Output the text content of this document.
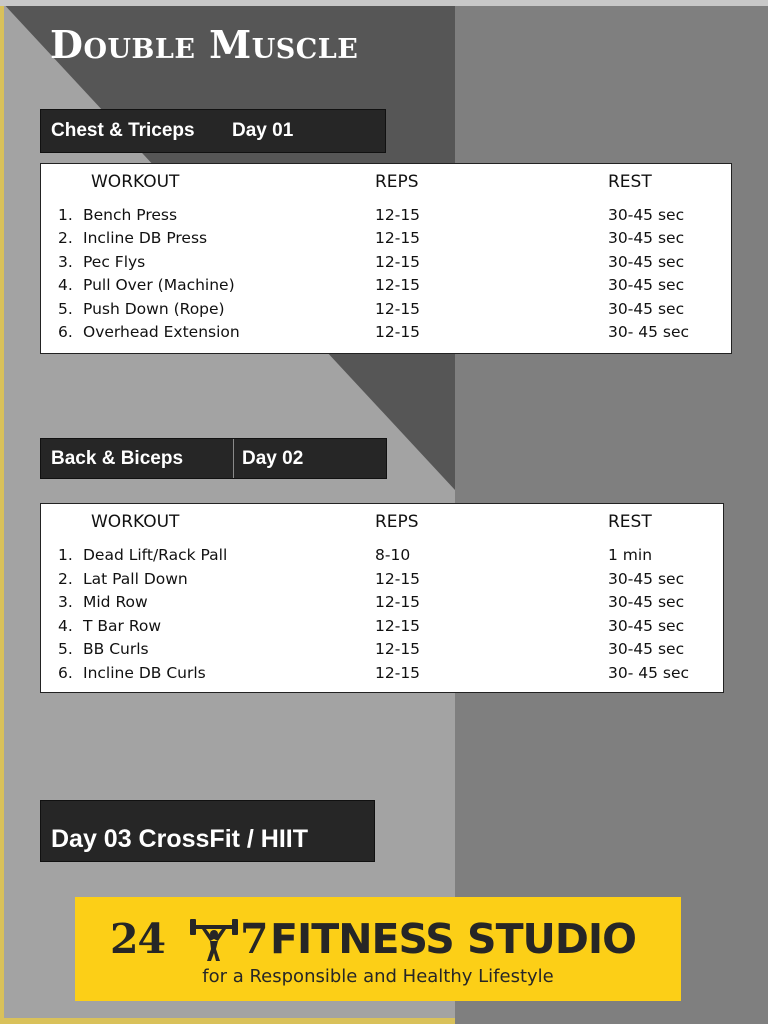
Double Muscle
Chest & Triceps Day 01
WORKOUT	REPS	REST
1. Bench Press	12-15	30-45 sec
2. Incline DB Press	12-15	30-45 sec
3. Pec Flys	12-15	30-45 sec
4. Pull Over (Machine)	12-15	30-45 sec
5. Push Down (Rope)	12-15	30-45 sec
6. Overhead Extension	12-15	30- 45 sec
Back & Biceps	Day 02
WORKOUT	REPS	REST
1. Dead Lift/Rack Pall	8-10	1 min
2. Lat Pall Down	12-15	30-45 sec
3. Mid Row	12-15	30-45 sec
4. T Bar Row	12-15	30-45 sec
5. BB Curls	12-15	30-45 sec
6. Incline DB Curls	12-15	30- 45 sec
Day 03 CrossFit / HIIT
24 7 FITNESS STUDIO
for a Responsible and Healthy Lifestyle
